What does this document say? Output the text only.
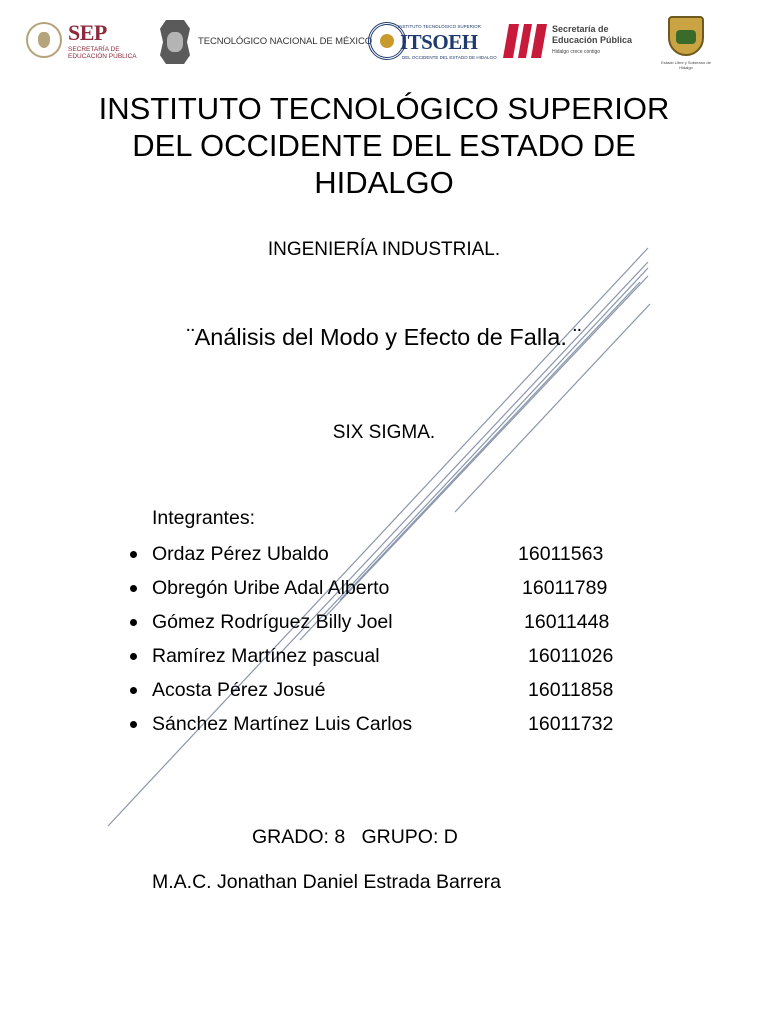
SEP
SECRETARÍA DE EDUCACIÓN PÚBLICA
TECNOLÓGICO NACIONAL DE MÉXICO
INSTITUTO TECNOLÓGICO SUPERIOR
ITSOEH
DEL OCCIDENTE DEL ESTADO DE HIDALGO
Secretaría de Educación Pública
Hidalgo crece contigo
Estado Libre y Soberano de Hidalgo
INSTITUTO TECNOLÓGICO SUPERIOR DEL OCCIDENTE DEL ESTADO DE HIDALGO
INGENIERÍA INDUSTRIAL.
¨Análisis del Modo y Efecto de Falla. ¨
SIX SIGMA.
Integrantes:
Ordaz Pérez Ubaldo	16011563
Obregón Uribe Adal Alberto	16011789
Gómez Rodríguez Billy Joel	16011448
Ramírez Martínez pascual	16011026
Acosta Pérez Josué	16011858
Sánchez Martínez Luis Carlos	16011732
GRADO: 8   GRUPO: D
M.A.C. Jonathan Daniel Estrada Barrera
